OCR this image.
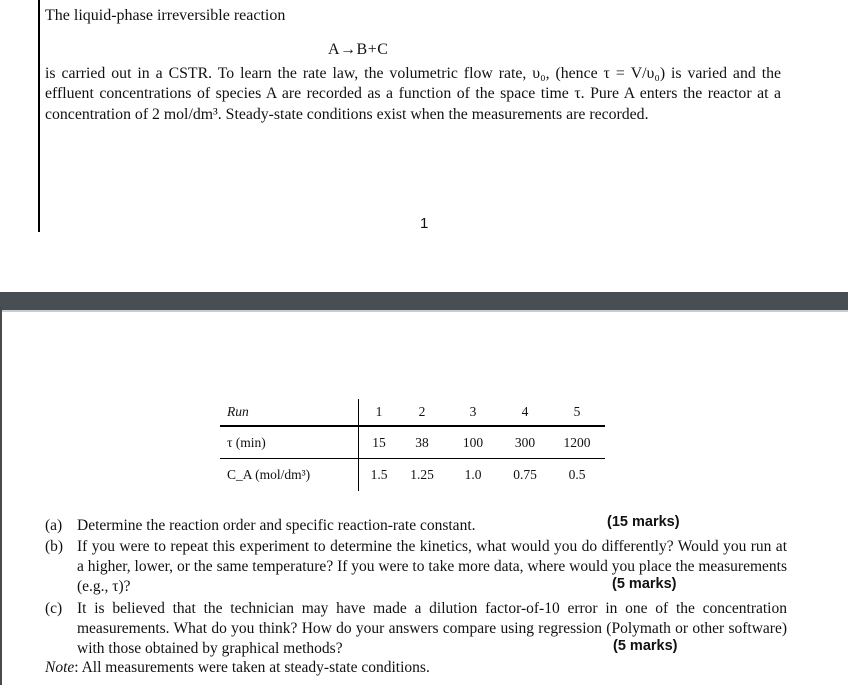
The liquid-phase irreversible reaction
A→B+C
is carried out in a CSTR. To learn the rate law, the volumetric flow rate, υ₀, (hence τ = V/υ₀) is varied and the effluent concentrations of species A are recorded as a function of the space time τ. Pure A enters the reactor at a concentration of 2 mol/dm³. Steady-state conditions exist when the measurements are recorded.
1
Run		1	2	3	4	5
τ (min)		15	38	100	300	1200
C_A (mol/dm³)		1.5	1.25	1.0	0.75	0.5
(a) Determine the reaction order and specific reaction-rate constant.	(15 marks)
(b) If you were to repeat this experiment to determine the kinetics, what would you do differently? Would you run at a higher, lower, or the same temperature? If you were to take more data, where would you place the measurements (e.g., τ)?	(5 marks)
(c) It is believed that the technician may have made a dilution factor-of-10 error in one of the concentration measurements. What do you think? How do your answers compare using regression (Polymath or other software) with those obtained by graphical methods?	(5 marks)
Note: All measurements were taken at steady-state conditions.
